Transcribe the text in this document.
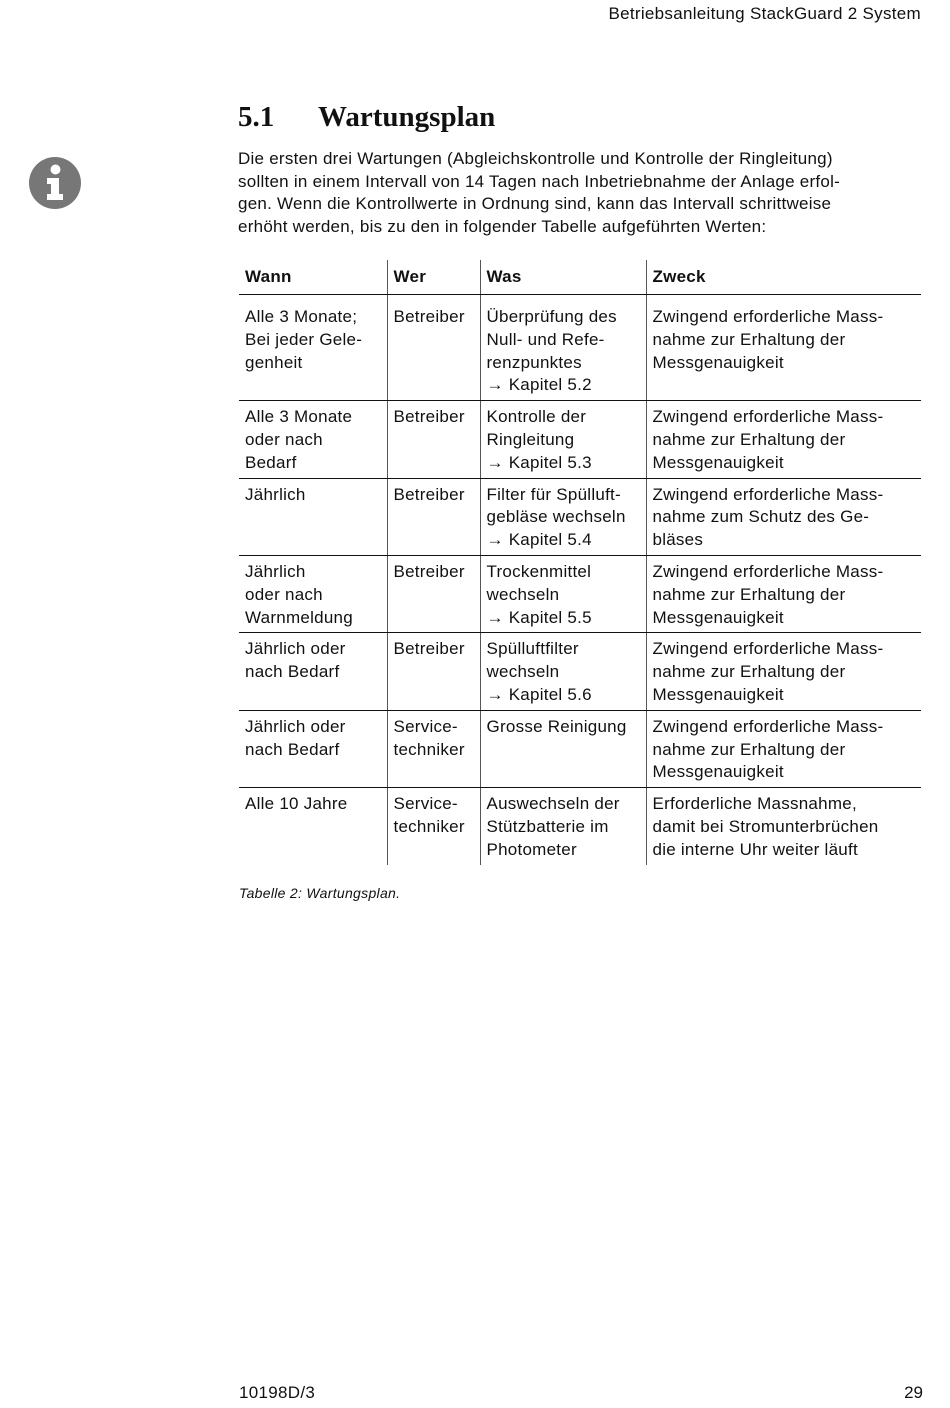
Betriebsanleitung StackGuard 2 System
5.1 Wartungsplan

Die ersten drei Wartungen (Abgleichskontrolle und Kontrolle der Ringleitung)
sollten in einem Intervall von 14 Tagen nach Inbetriebnahme der Anlage erfol-
gen. Wenn die Kontrollwerte in Ordnung sind, kann das Intervall schrittweise
erhöht werden, bis zu den in folgender Tabelle aufgeführten Werten:

Wann	Wer	Was	Zweck

Alle 3 Monate;
Bei jeder Gele-
genheit	Betreiber	Überprüfung des
Null- und Refe-
renzpunktes
→ Kapitel 5.2	Zwingend erforderliche Mass-
nahme zur Erhaltung der
Messgenauigkeit

Alle 3 Monate
oder nach
Bedarf	Betreiber	Kontrolle der
Ringleitung
→ Kapitel 5.3	Zwingend erforderliche Mass-
nahme zur Erhaltung der
Messgenauigkeit

Jährlich	Betreiber	Filter für Spülluft-
gebläse wechseln
→ Kapitel 5.4	Zwingend erforderliche Mass-
nahme zum Schutz des Ge-
bläses

Jährlich
oder nach
Warnmeldung	Betreiber	Trockenmittel
wechseln
→ Kapitel 5.5	Zwingend erforderliche Mass-
nahme zur Erhaltung der
Messgenauigkeit

Jährlich oder
nach Bedarf	Betreiber	Spülluftfilter
wechseln
→ Kapitel 5.6	Zwingend erforderliche Mass-
nahme zur Erhaltung der
Messgenauigkeit

Jährlich oder
nach Bedarf	Service-
techniker	Grosse Reinigung	Zwingend erforderliche Mass-
nahme zur Erhaltung der
Messgenauigkeit

Alle 10 Jahre	Service-
techniker	Auswechseln der
Stützbatterie im
Photometer	Erforderliche Massnahme,
damit bei Stromunterbrüchen
die interne Uhr weiter läuft
Tabelle 2: Wartungsplan.
10198D/3	29
